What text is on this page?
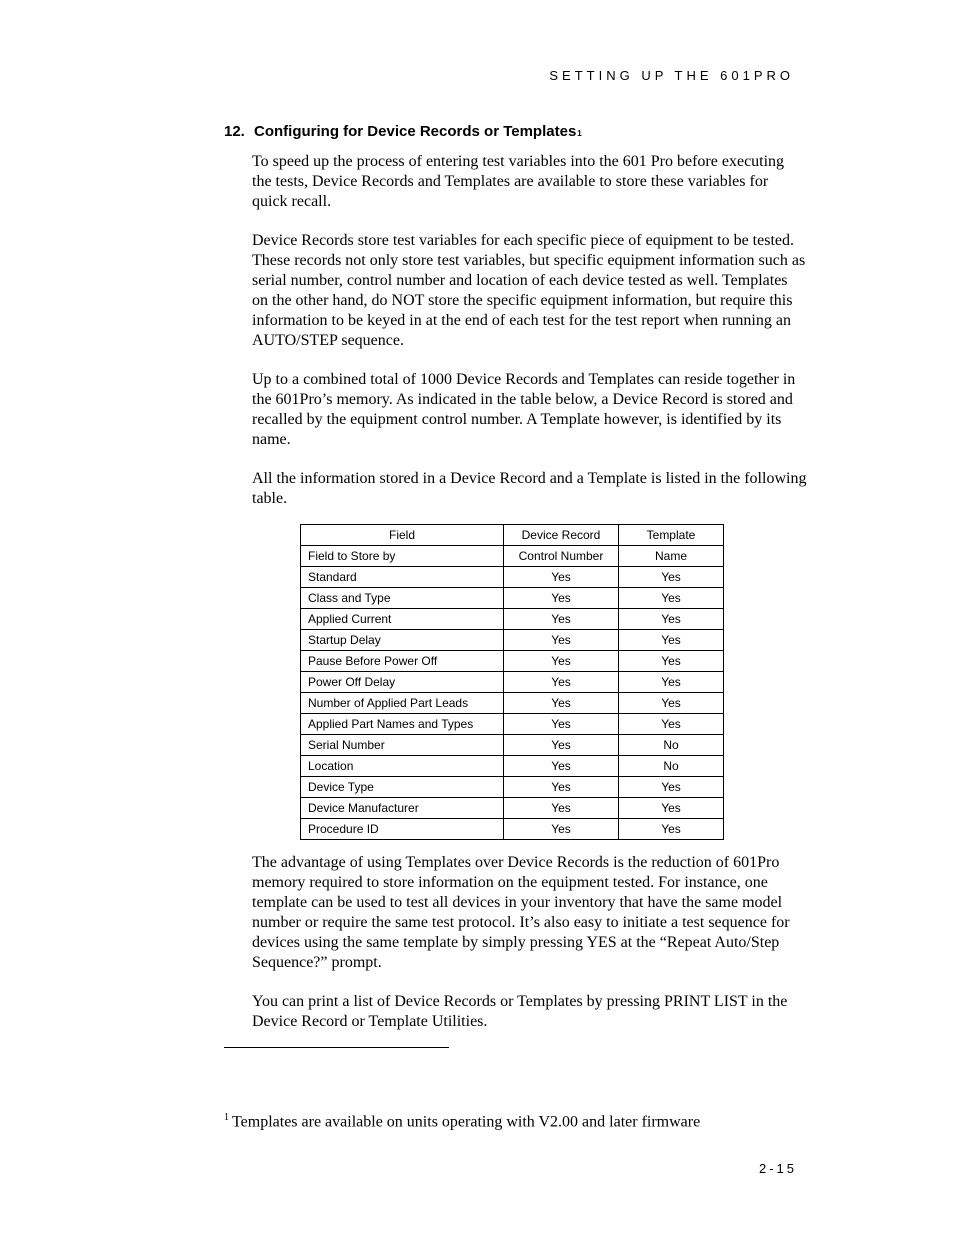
SETTING UP THE 601PRO
12. Configuring for Device Records or Templates 1

To speed up the process of entering test variables into the 601 Pro before executing the tests, Device Records and Templates are available to store these variables for quick recall.

Device Records store test variables for each specific piece of equipment to be tested. These records not only store test variables, but specific equipment information such as serial number, control number and location of each device tested as well. Templates on the other hand, do NOT store the specific equipment information, but require this information to be keyed in at the end of each test for the test report when running an AUTO/STEP sequence.

Up to a combined total of 1000 Device Records and Templates can reside together in the 601Pro’s memory. As indicated in the table below, a Device Record is stored and recalled by the equipment control number. A Template however, is identified by its name.

All the information stored in a Device Record and a Template is listed in the following table.

Field	Device Record	Template
Field to Store by	Control Number	Name
Standard	Yes	Yes
Class and Type	Yes	Yes
Applied Current	Yes	Yes
Startup Delay	Yes	Yes
Pause Before Power Off	Yes	Yes
Power Off Delay	Yes	Yes
Number of Applied Part Leads	Yes	Yes
Applied Part Names and Types	Yes	Yes
Serial Number	Yes	No
Location	Yes	No
Device Type	Yes	Yes
Device Manufacturer	Yes	Yes
Procedure ID	Yes	Yes

The advantage of using Templates over Device Records is the reduction of 601Pro memory required to store information on the equipment tested. For instance, one template can be used to test all devices in your inventory that have the same model number or require the same test protocol. It’s also easy to initiate a test sequence for devices using the same template by simply pressing YES at the “Repeat Auto/Step Sequence?” prompt.

You can print a list of Device Records or Templates by pressing PRINT LIST in the Device Record or Template Utilities.

$^1$ Templates are available on units operating with V2.00 and later firmware
2-15
